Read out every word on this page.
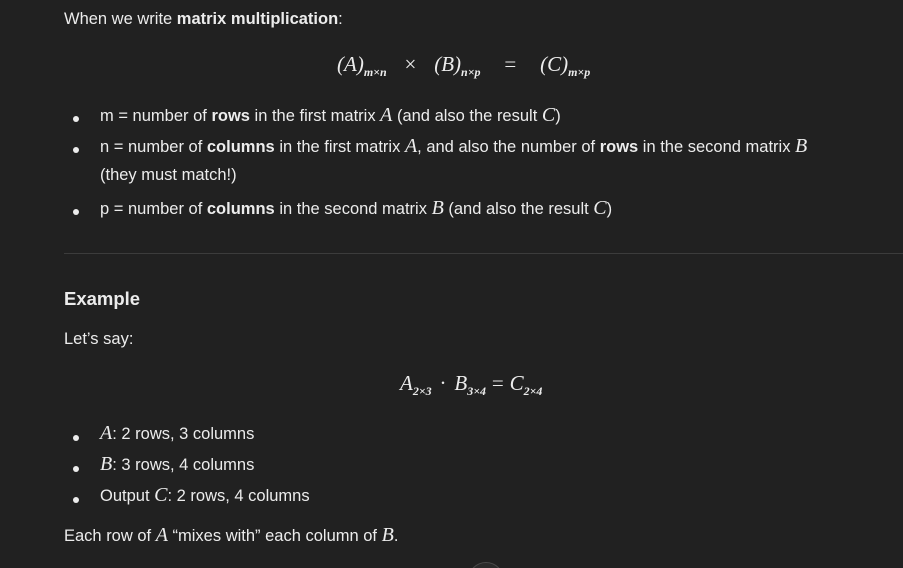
When we write matrix multiplication:
$(A)_{m\times n} \times (B)_{n\times p} = (C)_{m\times p}$
m = number of rows in the first matrix A (and also the result C)
n = number of columns in the first matrix A, and also the number of rows in the second matrix B
(they must match!)
p = number of columns in the second matrix B (and also the result C)
Example
Let’s say:
$A_{2\times 3} \cdot B_{3\times 4} = C_{2\times 4}$
A: 2 rows, 3 columns
B: 3 rows, 4 columns
Output C: 2 rows, 4 columns
Each row of A “mixes with” each column of B.
